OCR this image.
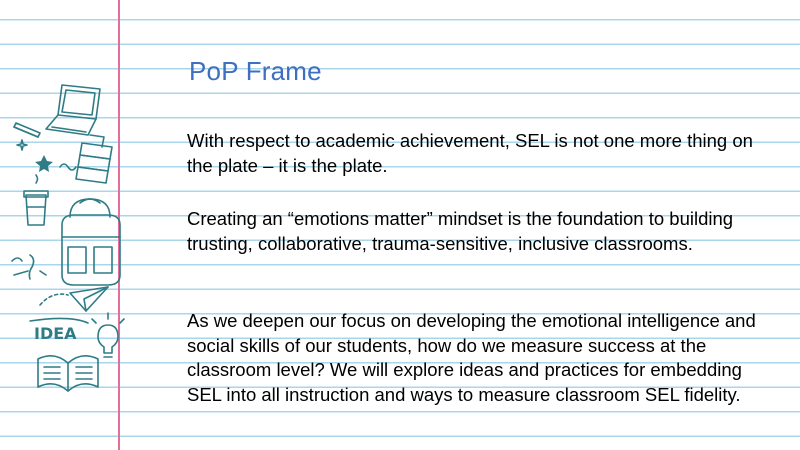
IDEA
PoP Frame

With respect to academic achievement, SEL is not one more thing on the plate – it is the plate.

Creating an “emotions matter” mindset is the foundation to building trusting, collaborative, trauma-sensitive, inclusive classrooms.

As we deepen our focus on developing the emotional intelligence and social skills of our students, how do we measure success at the classroom level? We will explore ideas and practices for embedding SEL into all instruction and ways to measure classroom SEL fidelity.
